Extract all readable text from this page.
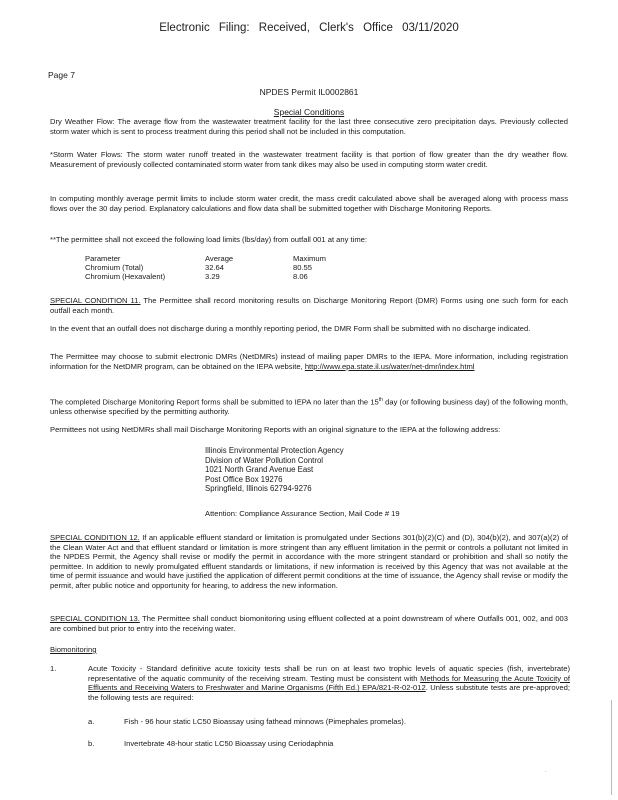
Electronic Filing: Received, Clerk's Office 03/11/2020
Page 7
NPDES Permit IL0002861
Special Conditions
Dry Weather Flow: The average flow from the wastewater treatment facility for the last three consecutive zero precipitation days. Previously collected storm water which is sent to process treatment during this period shall not be included in this computation.
*Storm Water Flows: The storm water runoff treated in the wastewater treatment facility is that portion of flow greater than the dry weather flow. Measurement of previously collected contaminated storm water from tank dikes may also be used in computing storm water credit.
In computing monthly average permit limits to include storm water credit, the mass credit calculated above shall be averaged along with process mass flows over the 30 day period. Explanatory calculations and flow data shall be submitted together with Discharge Monitoring Reports.
**The permittee shall not exceed the following load limits (lbs/day) from outfall 001 at any time:
Parameter	Average	Maximum
Chromium (Total)	32.64	80.55
Chromium (Hexavalent)	3.29	8.06
SPECIAL CONDITION 11. The Permittee shall record monitoring results on Discharge Monitoring Report (DMR) Forms using one such form for each outfall each month.
In the event that an outfall does not discharge during a monthly reporting period, the DMR Form shall be submitted with no discharge indicated.
The Permittee may choose to submit electronic DMRs (NetDMRs) instead of mailing paper DMRs to the IEPA. More information, including registration information for the NetDMR program, can be obtained on the IEPA website, http://www.epa.state.il.us/water/net-dmr/index.html
The completed Discharge Monitoring Report forms shall be submitted to IEPA no later than the 15th day (or following business day) of the following month, unless otherwise specified by the permitting authority.
Permittees not using NetDMRs shall mail Discharge Monitoring Reports with an original signature to the IEPA at the following address:
Illinois Environmental Protection Agency
Division of Water Pollution Control
1021 North Grand Avenue East
Post Office Box 19276
Springfield, Illinois 62794-9276
Attention: Compliance Assurance Section, Mail Code # 19
SPECIAL CONDITION 12. If an applicable effluent standard or limitation is promulgated under Sections 301(b)(2)(C) and (D), 304(b)(2), and 307(a)(2) of the Clean Water Act and that effluent standard or limitation is more stringent than any effluent limitation in the permit or controls a pollutant not limited in the NPDES Permit, the Agency shall revise or modify the permit in accordance with the more stringent standard or prohibition and shall so notify the permittee. In addition to newly promulgated effluent standards or limitations, if new information is received by this Agency that was not available at the time of permit issuance and would have justified the application of different permit conditions at the time of issuance, the Agency shall revise or modify the permit, after public notice and opportunity for hearing, to address the new information.
SPECIAL CONDITION 13. The Permittee shall conduct biomonitoring using effluent collected at a point downstream of where Outfalls 001, 002, and 003 are combined but prior to entry into the receiving water.
Biomonitoring
1.	Acute Toxicity - Standard definitive acute toxicity tests shall be run on at least two trophic levels of aquatic species (fish, invertebrate) representative of the aquatic community of the receiving stream. Testing must be consistent with Methods for Measuring the Acute Toxicity of Effluents and Receiving Waters to Freshwater and Marine Organisms (Fifth Ed.) EPA/821-R-02-012. Unless substitute tests are pre-approved; the following tests are required:
a.	Fish - 96 hour static LC50 Bioassay using fathead minnows (Pimephales promelas).
b.	Invertebrate 48-hour static LC50 Bioassay using Ceriodaphnia
.
